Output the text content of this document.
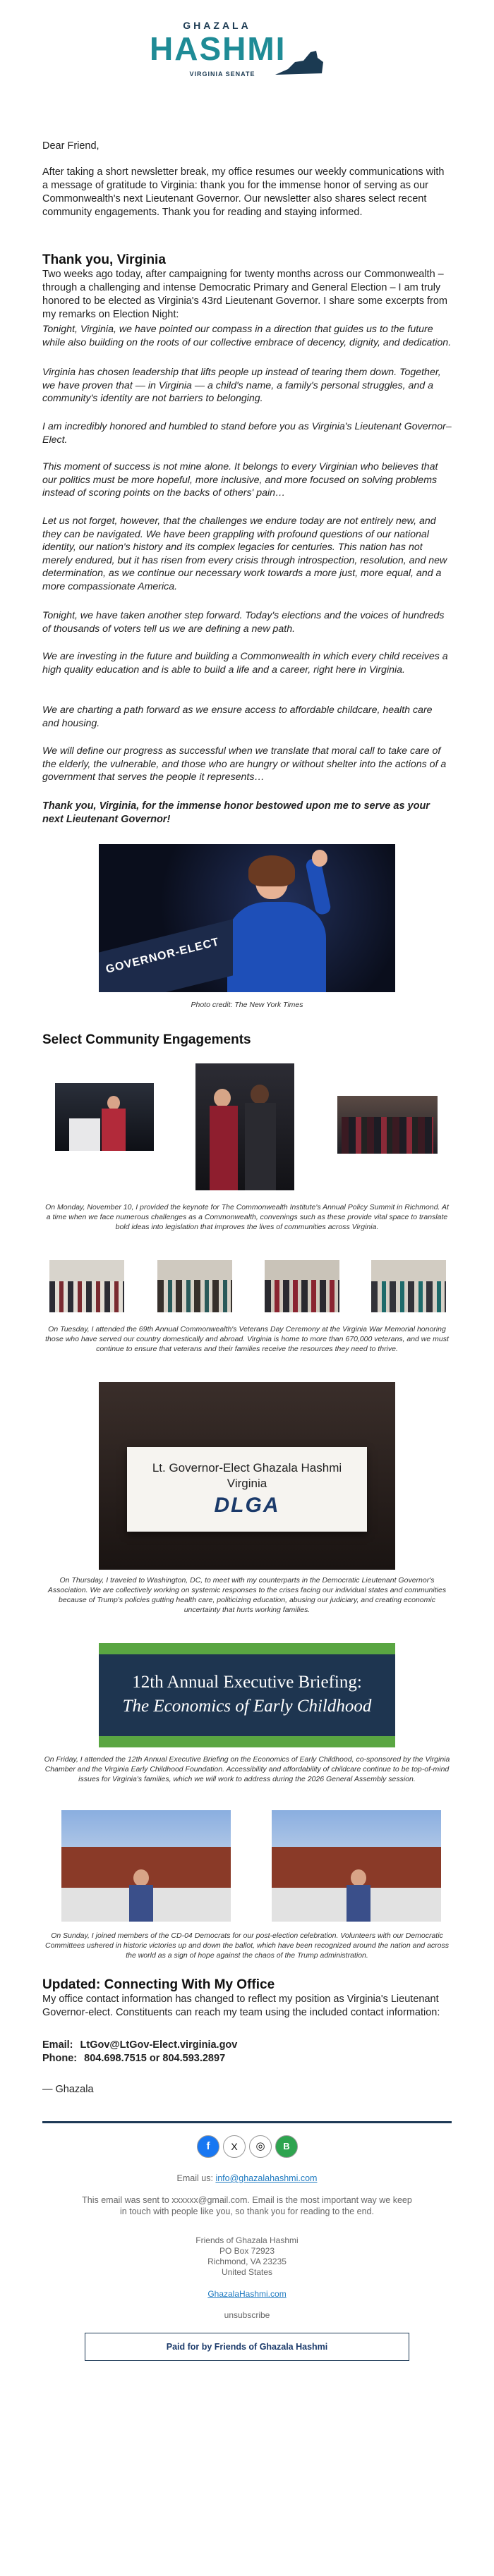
GHAZALA
HASHMI
VIRGINIA SENATE

Dear Friend,

After taking a short newsletter break, my office resumes our weekly communications with a message of gratitude to Virginia: thank you for the immense honor of serving as our Commonwealth's next Lieutenant Governor. Our newsletter also shares select recent community engagements. Thank you for reading and staying informed.

Thank you, Virginia

Two weeks ago today, after campaigning for twenty months across our Commonwealth – through a challenging and intense Democratic Primary and General Election – I am truly honored to be elected as Virginia's 43rd Lieutenant Governor. I share some excerpts from my remarks on Election Night:

Tonight, Virginia, we have pointed our compass in a direction that guides us to the future while also building on the roots of our collective embrace of decency, dignity, and dedication.

Virginia has chosen leadership that lifts people up instead of tearing them down. Together, we have proven that — in Virginia — a child's name, a family's personal struggles, and a community's identity are not barriers to belonging.

I am incredibly honored and humbled to stand before you as Virginia's Lieutenant Governor–Elect.

This moment of success is not mine alone. It belongs to every Virginian who believes that our politics must be more hopeful, more inclusive, and more focused on solving problems instead of scoring points on the backs of others' pain…

Let us not forget, however, that the challenges we endure today are not entirely new, and they can be navigated. We have been grappling with profound questions of our national identity, our nation's history and its complex legacies for centuries. This nation has not merely endured, but it has risen from every crisis through introspection, resolution, and new determination, as we continue our necessary work towards a more just, more equal, and a more compassionate America.

Tonight, we have taken another step forward. Today's elections and the voices of hundreds of thousands of voters tell us we are defining a new path.

We are investing in the future and building a Commonwealth in which every child receives a high quality education and is able to build a life and a career, right here in Virginia.

We are charting a path forward as we ensure access to affordable childcare, health care and housing.

We will define our progress as successful when we translate that moral call to take care of the elderly, the vulnerable, and those who are hungry or without shelter into the actions of a government that serves the people it represents…

Thank you, Virginia, for the immense honor bestowed upon me to serve as your next Lieutenant Governor!

GOVERNOR-ELECT

Photo credit: The New York Times

Select Community Engagements

On Monday, November 10, I provided the keynote for The Commonwealth Institute's Annual Policy Summit in Richmond. At a time when we face numerous challenges as a Commonwealth, convenings such as these provide vital space to translate bold ideas into legislation that improves the lives of communities across Virginia.

On Tuesday, I attended the 69th Annual Commonwealth's Veterans Day Ceremony at the Virginia War Memorial honoring those who have served our country domestically and abroad. Virginia is home to more than 670,000 veterans, and we must continue to ensure that veterans and their families receive the resources they need to thrive.

Lt. Governor-Elect Ghazala Hashmi
Virginia
DLGA

On Thursday, I traveled to Washington, DC, to meet with my counterparts in the Democratic Lieutenant Governor's Association. We are collectively working on systemic responses to the crises facing our individual states and communities because of Trump's policies gutting health care, politicizing education, abusing our judiciary, and creating economic uncertainty that hurts working families.

12th Annual Executive Briefing:
The Economics of Early Childhood

On Friday, I attended the 12th Annual Executive Briefing on the Economics of Early Childhood, co-sponsored by the Virginia Chamber and the Virginia Early Childhood Foundation. Accessibility and affordability of childcare continue to be top-of-mind issues for Virginia's families, which we will work to address during the 2026 General Assembly session.

On Sunday, I joined members of the CD-04 Democrats for our post-election celebration. Volunteers with our Democratic Committees ushered in historic victories up and down the ballot, which have been recognized around the nation and across the world as a sign of hope against the chaos of the Trump administration.

Updated: Connecting With My Office

My office contact information has changed to reflect my position as Virginia's Lieutenant Governor-elect. Constituents can reach my team using the included contact information:

Email: LtGov@LtGov-Elect.virginia.gov
Phone: 804.698.7515 or 804.593.2897

— Ghazala

f	X	◎	B
Email us: info@ghazalahashmi.com

This email was sent to xxxxxx@gmail.com. Email is the most important way we keep in touch with people like you, so thank you for reading to the end.

Friends of Ghazala Hashmi
PO Box 72923
Richmond, VA 23235
United States
GhazalaHashmi.com
unsubscribe
Paid for by Friends of Ghazala Hashmi
